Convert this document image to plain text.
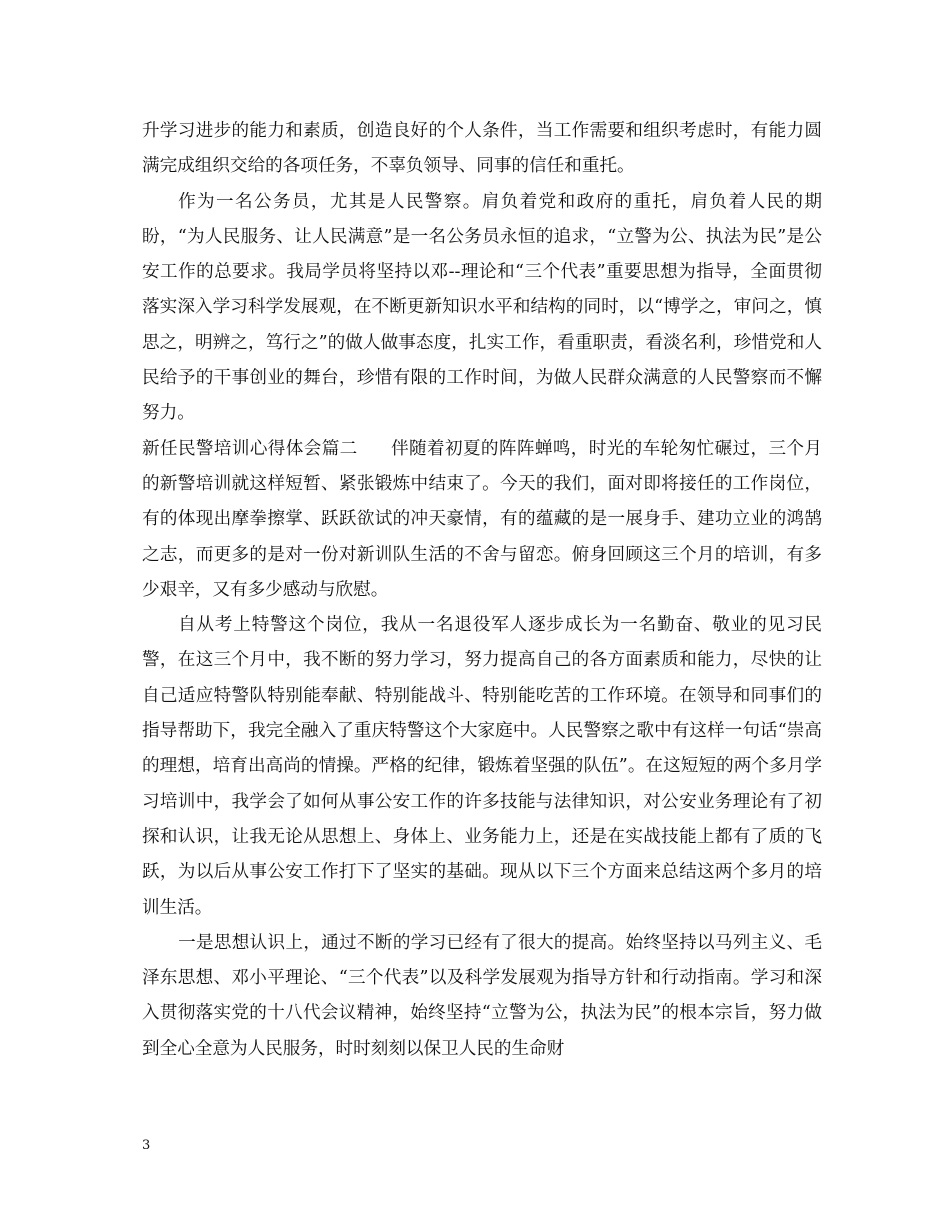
升学习进步的能力和素质，创造良好的个人条件，当工作需要和组织考虑时，有能力圆满完成组织交给的各项任务，不辜负领导、同事的信任和重托。

作为一名公务员，尤其是人民警察。肩负着党和政府的重托，肩负着人民的期盼，“为人民服务、让人民满意”是一名公务员永恒的追求，“立警为公、执法为民”是公安工作的总要求。我局学员将坚持以邓--理论和“三个代表”重要思想为指导，全面贯彻落实深入学习科学发展观，在不断更新知识水平和结构的同时，以“博学之，审问之，慎思之，明辨之，笃行之”的做人做事态度，扎实工作，看重职责，看淡名利，珍惜党和人民给予的干事创业的舞台，珍惜有限的工作时间，为做人民群众满意的人民警察而不懈努力。

新任民警培训心得体会篇二 伴随着初夏的阵阵蝉鸣，时光的车轮匆忙碾过，三个月的新警培训就这样短暂、紧张锻炼中结束了。今天的我们，面对即将接任的工作岗位，有的体现出摩拳擦掌、跃跃欲试的冲天豪情，有的蕴藏的是一展身手、建功立业的鸿鹄之志，而更多的是对一份对新训队生活的不舍与留恋。俯身回顾这三个月的培训，有多少艰辛，又有多少感动与欣慰。

自从考上特警这个岗位，我从一名退役军人逐步成长为一名勤奋、敬业的见习民警，在这三个月中，我不断的努力学习，努力提高自己的各方面素质和能力，尽快的让自己适应特警队特别能奉献、特别能战斗、特别能吃苦的工作环境。在领导和同事们的指导帮助下，我完全融入了重庆特警这个大家庭中。人民警察之歌中有这样一句话“崇高的理想，培育出高尚的情操。严格的纪律，锻炼着坚强的队伍”。在这短短的两个多月学习培训中，我学会了如何从事公安工作的许多技能与法律知识，对公安业务理论有了初探和认识，让我无论从思想上、身体上、业务能力上，还是在实战技能上都有了质的飞跃，为以后从事公安工作打下了坚实的基础。现从以下三个方面来总结这两个多月的培训生活。

一是思想认识上，通过不断的学习已经有了很大的提高。始终坚持以马列主义、毛泽东思想、邓小平理论、“三个代表”以及科学发展观为指导方针和行动指南。学习和深入贯彻落实党的十八代会议精神，始终坚持“立警为公，执法为民”的根本宗旨，努力做到全心全意为人民服务，时时刻刻以保卫人民的生命财

3
